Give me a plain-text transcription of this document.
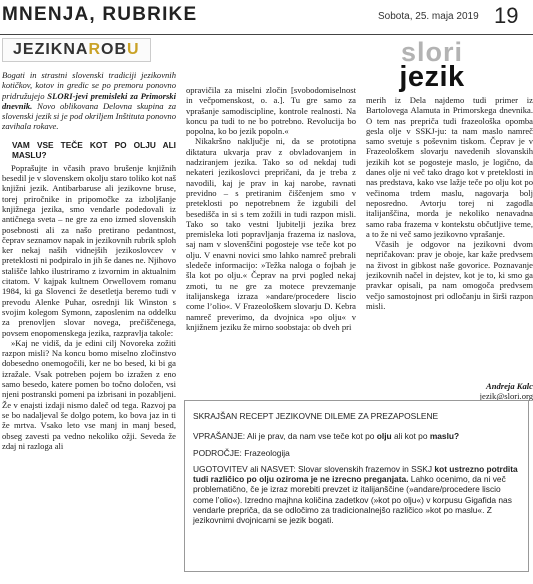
MNENJA, RUBRIKE	Sobota, 25. maja 2019 19
JEZIK NA R OB U

Bogati in strastni slovenski tradiciji jezikovnih kotičkov, kotov in gredic se po premoru ponovno pridružujejo SLORI-jevi premisleki za Primorski dnevnik. Novo oblikovana Delovna skupina za slovenski jezik si je pod okriljem Inštituta ponovno zavihala rokave.

VAM VSE TEČE KOT PO OLJU ALI MASLU?

Poprašujte in včasih pravo brušenje knjižnih besedil je v slovenskem okolju staro toliko kot naš knjižni jezik. Antibarbaruse ali jezikovne bruse, torej priročnike in pripomočke za izboljšanje knjižnega jezika, smo vendarle podedovali iz antičnega sveta – ne gre za eno izmed slovenskih posebnosti ali za našo pretirano pedantnost, čeprav seznamov napak in jezikovnih rubrik sploh ker nekaj naših vidnejših jezikoslovcev v preteklosti ni podpiralo in jih še danes ne. Njihovo stališče lahko ilustriramo z izvornim in aktualnim citatom. V kajpak kultnem Orwellovem romanu 1984, ki ga Slovenci že desetletja beremo tudi v prevodu Alenke Puhar, osrednji lik Winston s svojim kolegom Symonn, zaposlenim na oddelku za prenovljen slovar novega, prečiščenega, povsem enopomenskega jezika, razpravlja takole:

»Kaj ne vidiš, da je edini cilj Novoreka zožiti razpon misli? Na koncu bomo miselno zločinstvo dobesedno onemogočili, ker ne bo besed, ki bi ga izražale. Vsak potreben pojem bo izražen z eno samo besedo, katere pomen bo točno določen, vsi njeni postranski pomeni pa izbrisani in pozabljeni. Že v enajsti izdaji nismo daleč od tega. Razvoj pa se bo nadaljeval še dolgo potem, ko bova jaz in ti že mrtva. Vsako leto vse manj in manj besed, obseg zavesti pa vedno nekoliko ožji. Seveda že zdaj ni razloga ali

opravičila za miselni zločin [svobodomiselnost in večpomenskost, o. a.]. Tu gre samo za vprašanje samodiscipline, kontrole realnosti. Na koncu pa tudi to ne bo potrebno. Revolucija bo popolna, ko bo jezik popoln.«

Nikakršno naključje ni, da se prototipna diktatura ukvarja prav z obvladovanjem in nadziranjem jezika. Tako so od nekdaj tudi nekateri jezikoslovci prepričani, da je treba z navodili, kaj je prav in kaj narobe, ravnati previdno – s pretiranim čiščenjem smo v preteklosti po nepotrebnem že izgubili del besedišča in si s tem zožili in tudi razpon misli. Tako so tako vestni ljubitelji jezika brez premisleka loti popravljanja frazema iz naslova, saj nam v slovenščini pogosteje vse teče kot po olju. V enavni novici smo lahko namreč prebrali sledeče informacijo: »Težka naloga o fojbah je šla kot po olju.« Čeprav na prvi pogled nekaj zmoti, tu ne gre za motece prevzemanje italijanskega izraza »andare/procedere liscio come l’olio«. V Frazeološkem slovarju D. Kebra namreč preverimo, da dvojnica »po olju« v knjižnem jeziku že mirno soobstaja: ob dveh pri

slori
jezik

merih iz Dela najdemo tudi primer iz Bartolovega Alamuta in Primorskega dnevnika. O tem nas prepriča tudi frazeološka opomba gesla olje v SSKJ-ju: ta nam maslo namreč samo svetuje s poševnim tiskom. Čeprav je v Frazeološkem slovarju navedenih slovanskih jezikih kot se pogosteje maslo, je logično, da danes olje ni več tako drago kot v preteklosti in nas predstava, kako vse lažje teče po olju kot po večinoma trdem maslu, nagovarja bolj neposredno. Avtorju torej ni zagodla italijanščina, morda je nekoliko nenavadna samo raba frazema v kontekstu občutljive teme, a to že ni več samo jezikovno vprašanje.

Včasih je odgovor na jezikovni dvom nepričakovan: prav je oboje, kar kaže predvsem na živost in gibkost naše govorice. Poznavanje jezikovnih načel in dejstev, kot je to, ki smo ga pravkar opisali, pa nam omogoča predvsem večjo samostojnost pri odločanju in širši razpon misli.

Andreja Kalc
jezik@slori.org

SKRAJŠAN RECEPT JEZIKOVNE DILEME ZA PREZAPOSLENE

VPRAŠANJE: Ali je prav, da nam vse teče kot po olju ali kot po maslu?

PODROČJE: Frazeologija

UGOTOVITEV ali NASVET: Slovar slovenskih frazemov in SSKJ kot ustrezno potrdita tudi različico po olju oziroma je ne izrecno preganjata. Lahko ocenimo, da ni več problematično, če je izraz morebiti prevzet iz italijanščine (»andare/procedere liscio come l’olio«). Izredno majhna količina zadetkov (»kot po olju«) v korpusu Gigafida nas vendarle prepriča, da se odločimo za tradicionalnejšo različico »kot po maslu«. Z jezikovnimi dvojnicami se jezik bogati.
